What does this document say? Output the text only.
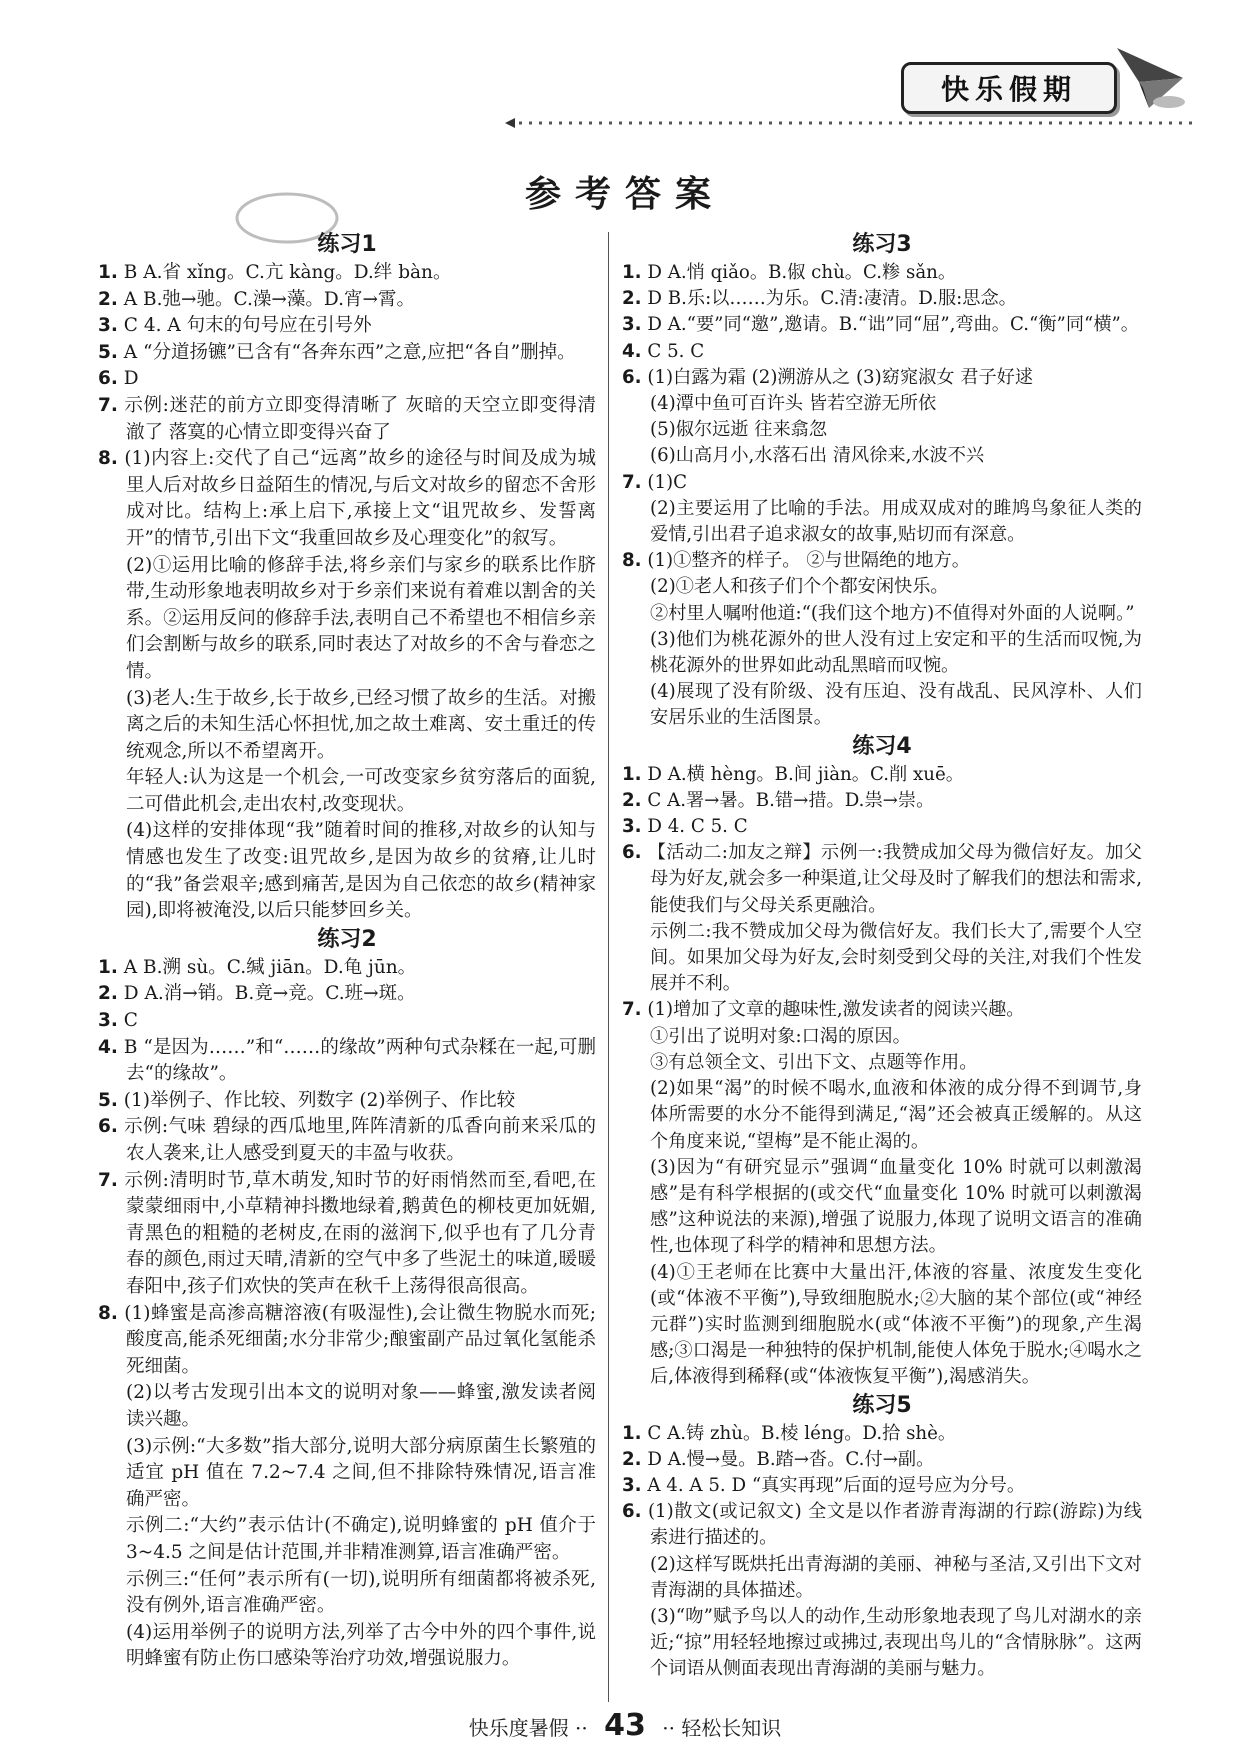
快乐假期
参考答案
练习1

1. B A.省 xǐng。C.亢 kàng。D.绊 bàn。

2. A B.弛→驰。C.澡→藻。D.宵→霄。

3. C 4. A 句末的句号应在引号外

5. A “分道扬镳”已含有“各奔东西”之意,应把“各自”删掉。

6. D

7. 示例:迷茫的前方立即变得清晰了 灰暗的天空立即变得清澈了 落寞的心情立即变得兴奋了

8. (1)内容上:交代了自己“远离”故乡的途径与时间及成为城里人后对故乡日益陌生的情况,与后文对故乡的留恋不舍形成对比。结构上:承上启下,承接上文“诅咒故乡、发誓离开”的情节,引出下文“我重回故乡及心理变化”的叙写。

(2)①运用比喻的修辞手法,将乡亲们与家乡的联系比作脐带,生动形象地表明故乡对于乡亲们来说有着难以割舍的关系。②运用反问的修辞手法,表明自己不希望也不相信乡亲们会割断与故乡的联系,同时表达了对故乡的不舍与眷恋之情。

(3)老人:生于故乡,长于故乡,已经习惯了故乡的生活。对搬离之后的未知生活心怀担忧,加之故土难离、安土重迁的传统观念,所以不希望离开。

年轻人:认为这是一个机会,一可改变家乡贫穷落后的面貌,二可借此机会,走出农村,改变现状。

(4)这样的安排体现“我”随着时间的推移,对故乡的认知与情感也发生了改变:诅咒故乡,是因为故乡的贫瘠,让儿时的“我”备尝艰辛;感到痛苦,是因为自己依恋的故乡(精神家园),即将被淹没,以后只能梦回乡关。

练习2

1. A B.溯 sù。C.缄 jiān。D.龟 jūn。

2. D A.消→销。B.竟→竞。C.班→斑。

3. C

4. B “是因为……”和“……的缘故”两种句式杂糅在一起,可删去“的缘故”。

5. (1)举例子、作比较、列数字 (2)举例子、作比较

6. 示例:气味 碧绿的西瓜地里,阵阵清新的瓜香向前来采瓜的农人袭来,让人感受到夏天的丰盈与收获。

7. 示例:清明时节,草木萌发,知时节的好雨悄然而至,看吧,在蒙蒙细雨中,小草精神抖擞地绿着,鹅黄色的柳枝更加妩媚,青黑色的粗糙的老树皮,在雨的滋润下,似乎也有了几分青春的颜色,雨过天晴,清新的空气中多了些泥土的味道,暖暖春阳中,孩子们欢快的笑声在秋千上荡得很高很高。

8. (1)蜂蜜是高渗高糖溶液(有吸湿性),会让微生物脱水而死;酸度高,能杀死细菌;水分非常少;酿蜜副产品过氧化氢能杀死细菌。

(2)以考古发现引出本文的说明对象——蜂蜜,激发读者阅读兴趣。

(3)示例:“大多数”指大部分,说明大部分病原菌生长繁殖的适宜 pH 值在 7.2~7.4 之间,但不排除特殊情况,语言准确严密。

示例二:“大约”表示估计(不确定),说明蜂蜜的 pH 值介于 3~4.5 之间是估计范围,并非精准测算,语言准确严密。

示例三:“任何”表示所有(一切),说明所有细菌都将被杀死,没有例外,语言准确严密。

(4)运用举例子的说明方法,列举了古今中外的四个事件,说明蜂蜜有防止伤口感染等治疗功效,增强说服力。

练习3

1. D A.悄 qiǎo。B.俶 chù。C.糁 sǎn。

2. D B.乐:以……为乐。C.清:凄清。D.服:思念。

3. D A.“要”同“邀”,邀请。B.“诎”同“屈”,弯曲。C.“衡”同“横”。

4. C 5. C

6. (1)白露为霜 (2)溯游从之 (3)窈窕淑女 君子好逑

(4)潭中鱼可百许头 皆若空游无所依

(5)俶尔远逝 往来翕忽

(6)山高月小,水落石出 清风徐来,水波不兴

7. (1)C

(2)主要运用了比喻的手法。用成双成对的雎鸠鸟象征人类的爱情,引出君子追求淑女的故事,贴切而有深意。

8. (1)①整齐的样子。 ②与世隔绝的地方。

(2)①老人和孩子们个个都安闲快乐。

②村里人嘱咐他道:“(我们这个地方)不值得对外面的人说啊。”

(3)他们为桃花源外的世人没有过上安定和平的生活而叹惋,为桃花源外的世界如此动乱黑暗而叹惋。

(4)展现了没有阶级、没有压迫、没有战乱、民风淳朴、人们安居乐业的生活图景。

练习4

1. D A.横 hèng。B.间 jiàn。C.削 xuē。

2. C A.署→暑。B.错→措。D.祟→崇。

3. D 4. C 5. C

6. 【活动二:加友之辩】示例一:我赞成加父母为微信好友。加父母为好友,就会多一种渠道,让父母及时了解我们的想法和需求,能使我们与父母关系更融洽。

示例二:我不赞成加父母为微信好友。我们长大了,需要个人空间。如果加父母为好友,会时刻受到父母的关注,对我们个性发展并不利。

7. (1)增加了文章的趣味性,激发读者的阅读兴趣。

①引出了说明对象:口渴的原因。

③有总领全文、引出下文、点题等作用。

(2)如果“渴”的时候不喝水,血液和体液的成分得不到调节,身体所需要的水分不能得到满足,“渴”还会被真正缓解的。从这个角度来说,“望梅”是不能止渴的。

(3)因为“有研究显示”强调“血量变化 10% 时就可以刺激渴感”是有科学根据的(或交代“血量变化 10% 时就可以刺激渴感”这种说法的来源),增强了说服力,体现了说明文语言的准确性,也体现了科学的精神和思想方法。

(4)①王老师在比赛中大量出汗,体液的容量、浓度发生变化(或“体液不平衡”),导致细胞脱水;②大脑的某个部位(或“神经元群”)实时监测到细胞脱水(或“体液不平衡”)的现象,产生渴感;③口渴是一种独特的保护机制,能使人体免于脱水;④喝水之后,体液得到稀释(或“体液恢复平衡”),渴感消失。

练习5

1. C A.铸 zhù。B.棱 léng。D.拾 shè。

2. D A.慢→曼。B.踏→沓。C.付→副。

3. A 4. A 5. D “真实再现”后面的逗号应为分号。

6. (1)散文(或记叙文) 全文是以作者游青海湖的行踪(游踪)为线索进行描述的。

(2)这样写既烘托出青海湖的美丽、神秘与圣洁,又引出下文对青海湖的具体描述。

(3)“吻”赋予鸟以人的动作,生动形象地表现了鸟儿对湖水的亲近;“掠”用轻轻地擦过或拂过,表现出鸟儿的“含情脉脉”。这两个词语从侧面表现出青海湖的美丽与魅力。

快乐度暑假 ·· 43 ·· 轻松长知识
